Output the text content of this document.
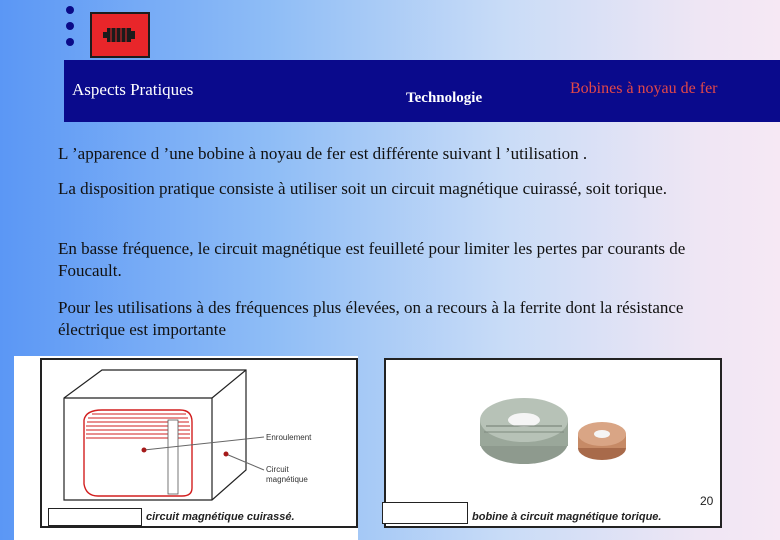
Aspects Pratiques	Technologie
Bobines à noyau de fer

L ’apparence d ’une bobine à noyau de fer est différente suivant l ’utilisation .

La disposition pratique consiste à utiliser soit un circuit magnétique cuirassé, soit torique.

En basse fréquence, le circuit magnétique est feuilleté pour limiter les pertes par courants de Foucault.

Pour les utilisations à des fréquences plus élevées, on a recours à la ferrite dont la résistance électrique est importante

Enroulement
Circuit
magnétique
circuit magnétique cuirassé.	bobine à circuit magnétique torique.
20
